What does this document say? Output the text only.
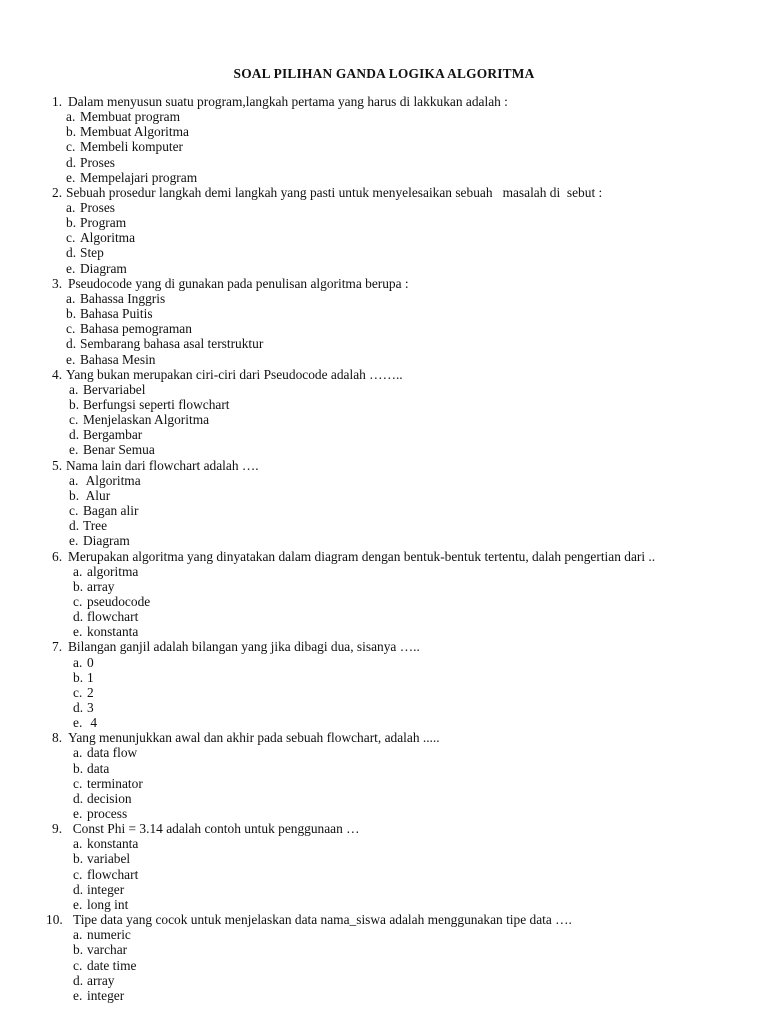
SOAL PILIHAN GANDA LOGIKA ALGORITMA
1. Dalam menyusun suatu program,langkah pertama yang harus di lakkukan adalah :
a. Membuat program
b. Membuat Algoritma
c. Membeli komputer
d. Proses
e. Mempelajari program
2. Sebuah prosedur langkah demi langkah yang pasti untuk menyelesaikan sebuah   masalah di  sebut :
a. Proses
b. Program
c. Algoritma
d. Step
e. Diagram
3. Pseudocode yang di gunakan pada penulisan algoritma berupa :
a. Bahassa Inggris
b. Bahasa Puitis
c. Bahasa pemograman
d. Sembarang bahasa asal terstruktur
e. Bahasa Mesin
4. Yang bukan merupakan ciri-ciri dari Pseudocode adalah ……..
a. Bervariabel
b. Berfungsi seperti flowchart
c. Menjelaskan Algoritma
d. Bergambar
e. Benar Semua
5. Nama lain dari flowchart adalah ….
a. Algoritma
b. Alur
c. Bagan alir
d. Tree
e. Diagram
6. Merupakan algoritma yang dinyatakan dalam diagram dengan bentuk-bentuk tertentu, dalah pengertian dari ..
a. algoritma
b. array
c. pseudocode
d. flowchart
e. konstanta
7. Bilangan ganjil adalah bilangan yang jika dibagi dua, sisanya …..
a. 0
b. 1
c. 2
d. 3
e. 4
8. Yang menunjukkan awal dan akhir pada sebuah flowchart, adalah .....
a. data flow
b. data
c. terminator
d. decision
e. process
9. Const Phi = 3.14 adalah contoh untuk penggunaan …
a. konstanta
b. variabel
c. flowchart
d. integer
e. long int
10. Tipe data yang cocok untuk menjelaskan data nama_siswa adalah menggunakan tipe data ….
a. numeric
b. varchar
c. date time
d. array
e. integer
